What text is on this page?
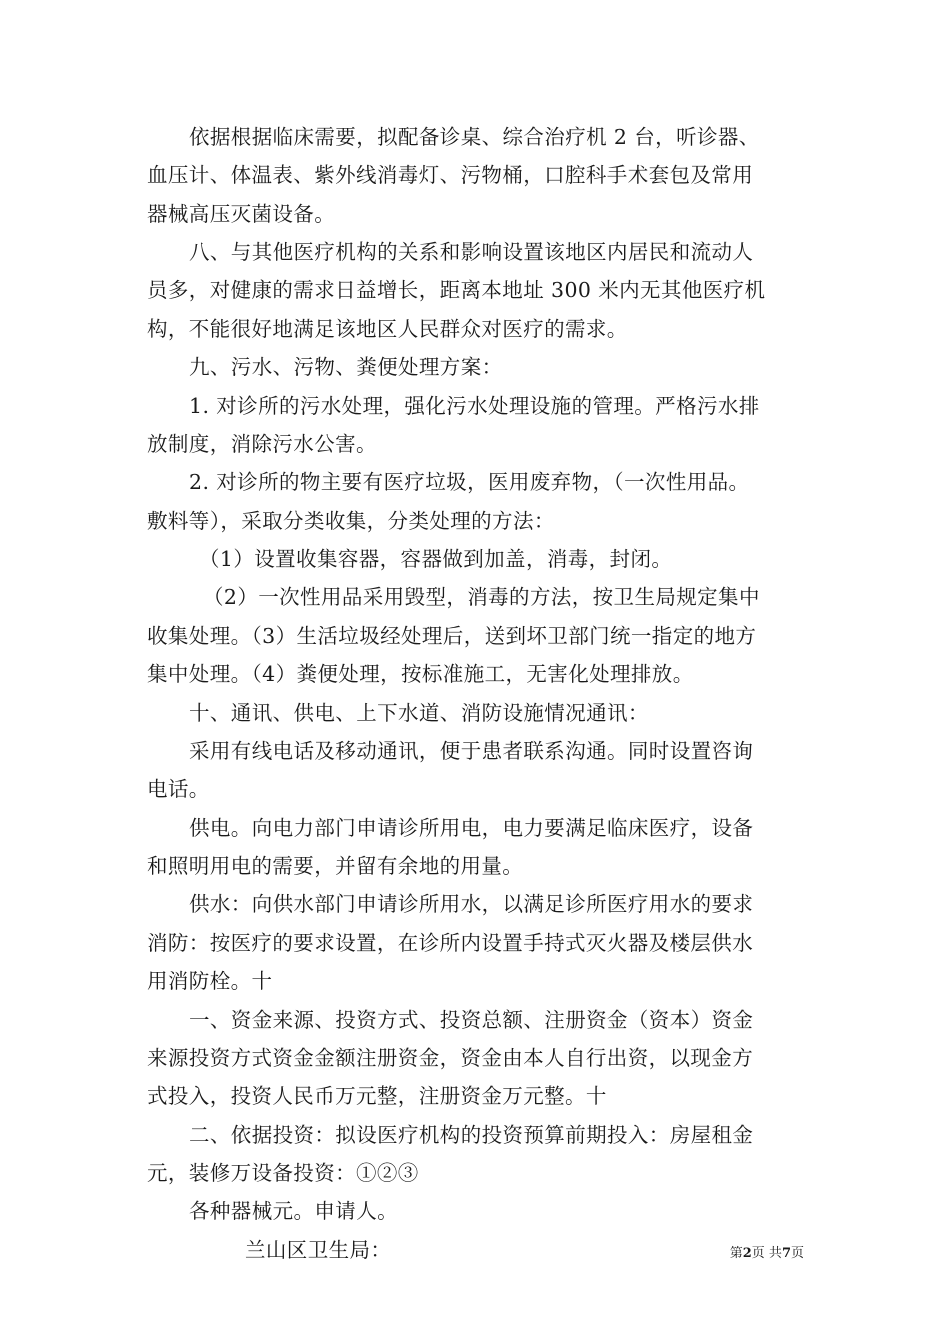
依据根据临床需要，拟配备诊桌、综合治疗机 2 台，听诊器、
血压计、体温表、紫外线消毒灯、污物桶，口腔科手术套包及常用
器械高压灭菌设备。
八、与其他医疗机构的关系和影响设置该地区内居民和流动人
员多，对健康的需求日益增长，距离本地址 300 米内无其他医疗机
构，不能很好地满足该地区人民群众对医疗的需求。
九、污水、污物、粪便处理方案：
1. 对诊所的污水处理，强化污水处理设施的管理。严格污水排
放制度，消除污水公害。
2. 对诊所的物主要有医疗垃圾，医用废弃物，（一次性用品。
敷料等），采取分类收集，分类处理的方法：
（1）设置收集容器，容器做到加盖，消毒，封闭。
（2）一次性用品采用毁型，消毒的方法，按卫生局规定集中
收集处理。（3）生活垃圾经处理后，送到坏卫部门统一指定的地方
集中处理。（4）粪便处理，按标准施工，无害化处理排放。
十、通讯、供电、上下水道、消防设施情况通讯：
采用有线电话及移动通讯，便于患者联系沟通。同时设置咨询
电话。
供电。向电力部门申请诊所用电，电力要满足临床医疗，设备
和照明用电的需要，并留有余地的用量。
供水：向供水部门申请诊所用水，以满足诊所医疗用水的要求
消防：按医疗的要求设置，在诊所内设置手持式灭火器及楼层供水
用消防栓。十
一、资金来源、投资方式、投资总额、注册资金（资本）资金
来源投资方式资金金额注册资金，资金由本人自行出资，以现金方
式投入，投资人民币万元整，注册资金万元整。十
二、依据投资：拟设医疗机构的投资预算前期投入：房屋租金
元，装修万设备投资：①②③
各种器械元。申请人。
兰山区卫生局：	第2页 共7页
